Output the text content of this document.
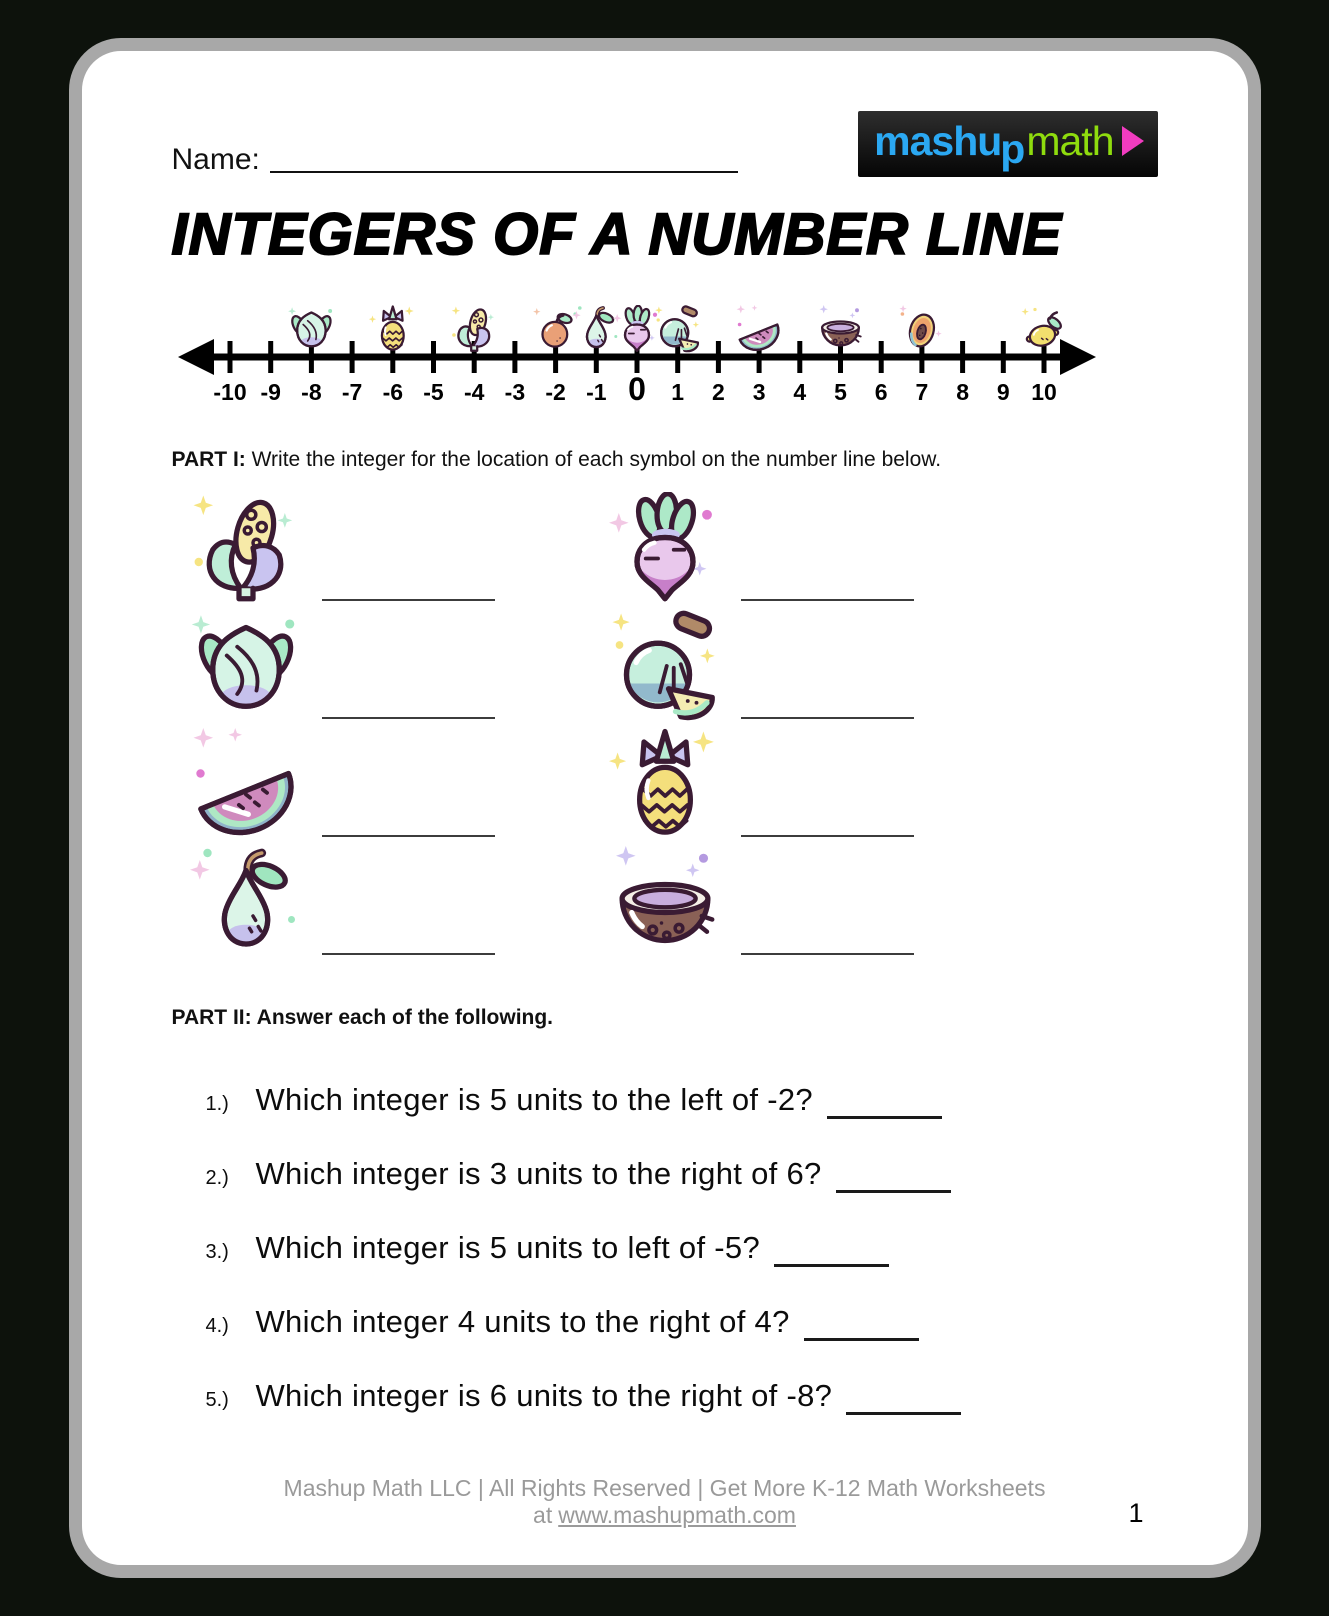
Name:	mashu p math
INTEGERS OF A NUMBER LINE
-10 -9 -8 -7 -6 -5 -4 -3 -2 -1 0 1 2 3 4 5 6 7 8 9 10

PART I: Write the integer for the location of each symbol on the number line below.

PART II: Answer each of the following.

1.) Which integer is 5 units to the left of -2?
2.) Which integer is 3 units to the right of 6?
3.) Which integer is 5 units to left of -5?
4.) Which integer 4 units to the right of 4?
5.) Which integer is 6 units to the right of -8?
Mashup Math LLC | All Rights Reserved | Get More K-12 Math Worksheets at www.mashupmath.com	1
